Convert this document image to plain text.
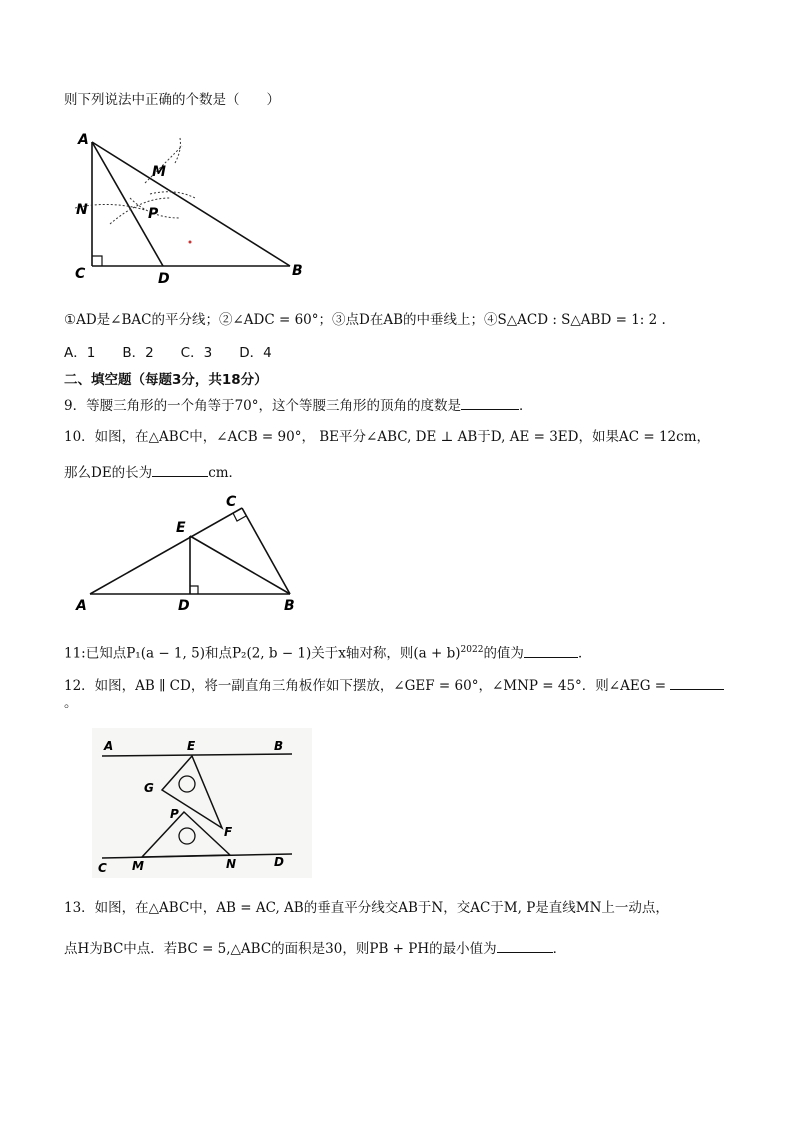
则下列说法中正确的个数是（　　）
A
C	D	B
N
M
P
①AD是∠BAC的平分线；②∠ADC = 60°；③点D在AB的中垂线上；④S△ACD : S△ABD = 1: 2 .
A．1　　B．2　　C．3　　D．4
二、填空题（每题3分，共18分）
9．等腰三角形的一个角等于70°，这个等腰三角形的顶角的度数是	．
10．如图，在△ABC中，∠ACB = 90°， BE平分∠ABC, DE ⊥ AB于D, AE = 3ED，如果AC = 12cm，
那么DE的长为	cm．
A	D	B
C
E
11:已知点P₁(a − 1, 5)和点P₂(2, b − 1)关于x轴对称，则$(a + b)^{2022}$的值为	．
12．如图，AB ∥ CD，将一副直角三角板作如下摆放，∠GEF = 60°，∠MNP = 45°．则∠AEG =
。
A	E	B
G
P
F
C M	N	D
13．如图，在△ABC中，AB = AC, AB的垂直平分线交AB于N，交AC于M, P是直线MN上一动点，
点H为BC中点．若BC = 5,△ABC的面积是30，则PB + PH的最小值为	．
